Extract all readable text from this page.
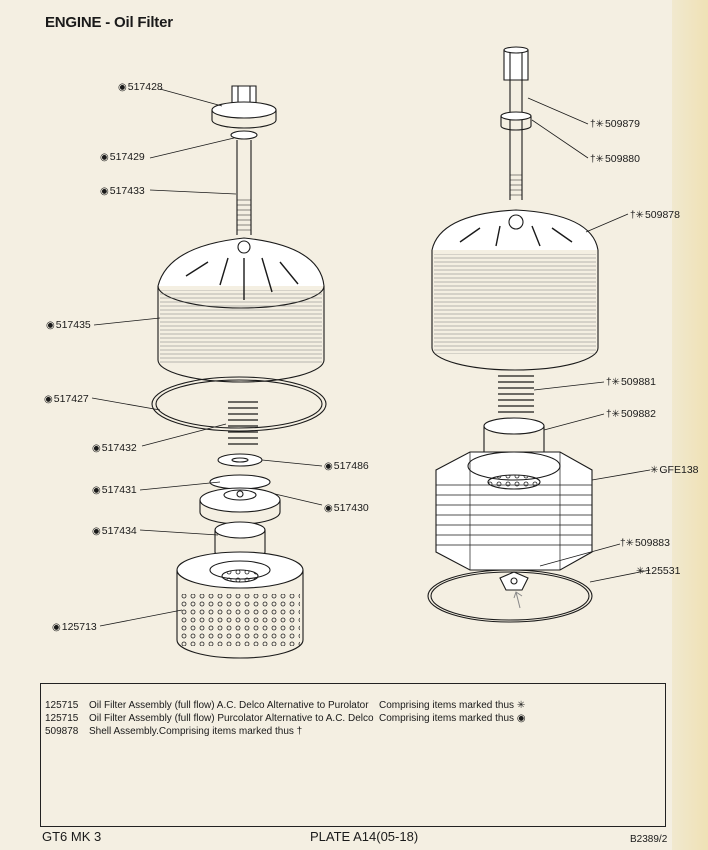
ENGINE - Oil Filter
◉517428
◉517429
◉517433
◉517435
◉517427
◉517432
◉517486
◉517431
◉517430
◉517434
◉125713
†✳509879
†✳509880
†✳509878
†✳509881
†✳509882
✳GFE138
†✳509883
✳125531
125715 Oil Filter Assembly (full flow) A.C. Delco Alternative to Purolator Comprising items marked thus ✳
125715 Oil Filter Assembly (full flow) Purcolator Alternative to A.C. Delco Comprising items marked thus ◉
509878 Shell Assembly.Comprising items marked thus †
GT6 MK 3	PLATE A14(05-18)	B2389/2
